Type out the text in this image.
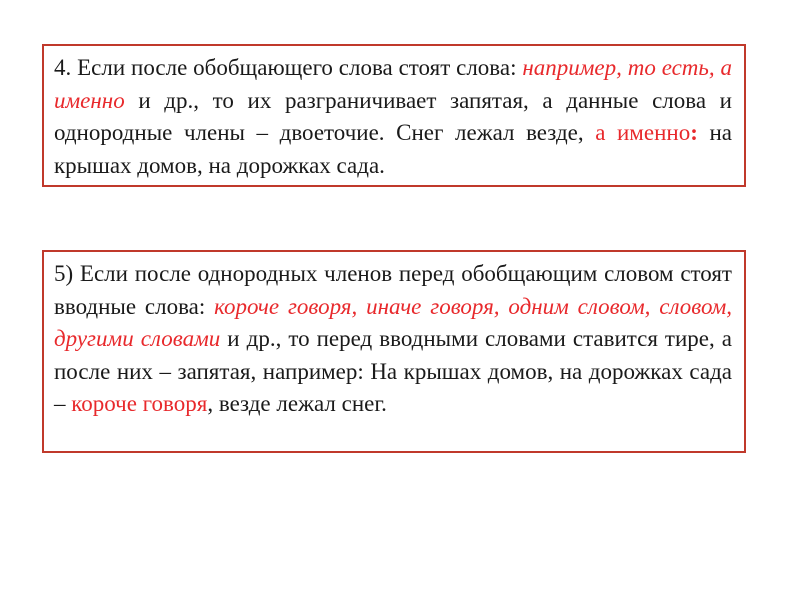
4. Если после обобщающего слова стоят слова: например, то есть, а именно и др., то их разграничивает запятая, а данные слова и однородные члены – двоеточие. Снег лежал везде, а именно: на крышах домов, на дорожках сада.
5) Если после однородных членов перед обобщающим словом стоят вводные слова: короче говоря, иначе говоря, одним словом, словом, другими словами и др., то перед вводными словами ставится тире, а после них – запятая, например: На крышах домов, на дорожках сада – короче говоря, везде лежал снег.
